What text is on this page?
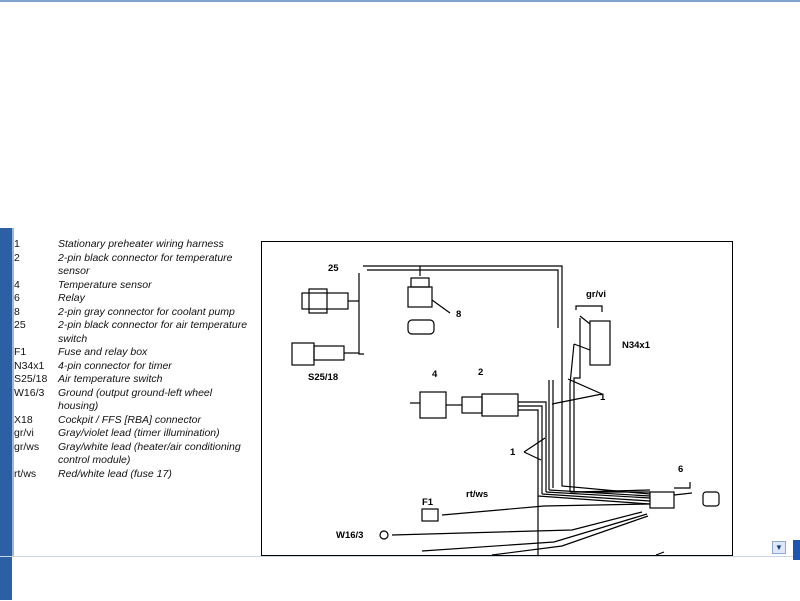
1	Stationary preheater wiring harness
2	2-pin black connector for temperature sensor
4	Temperature sensor
6	Relay
8	2-pin gray connector for coolant pump
25	2-pin black connector for air temperature switch
F1	Fuse and relay box
N34x1	4-pin connector for timer
S25/18	Air temperature switch
W16/3	Ground (output ground-left wheel housing)
X18	Cockpit / FFS [RBA] connector
gr/vi	Gray/violet lead (timer illumination)
gr/ws	Gray/white lead (heater/air conditioning control module)
rt/ws	Red/white lead (fuse 17)
25
8
gr/vi
N34x1
S25/18	4	2
1
1
6
F1
rt/ws
W16/3
▼
